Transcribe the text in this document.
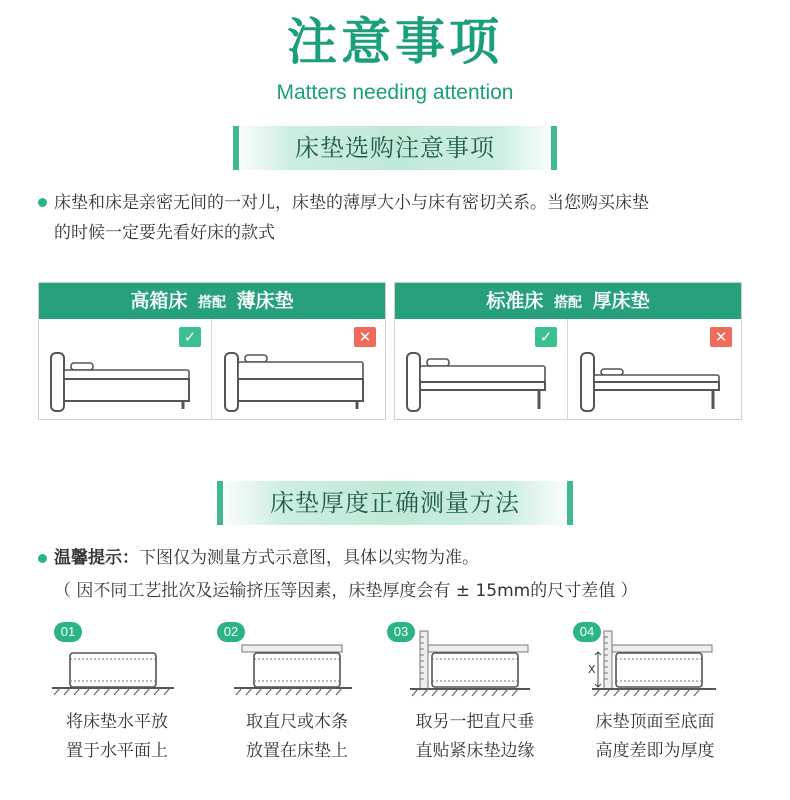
注意事项
Matters needing attention
床垫选购注意事项
床垫和床是亲密无间的一对儿，床垫的薄厚大小与床有密切关系。当您购买床垫
的时候一定要先看好床的款式
高箱床 搭配 薄床垫
✓	✕
标准床 搭配 厚床垫
✓	✕
床垫厚度正确测量方法
温馨提示：下图仅为测量方式示意图，具体以实物为准。
（ 因不同工艺批次及运输挤压等因素，床垫厚度会有 ± 15mm的尺寸差值 ）
01	02	03	04
X
将床垫水平放
置于水平面上
取直尺或木条
放置在床垫上
取另一把直尺垂
直贴紧床垫边缘
床垫顶面至底面
高度差即为厚度
